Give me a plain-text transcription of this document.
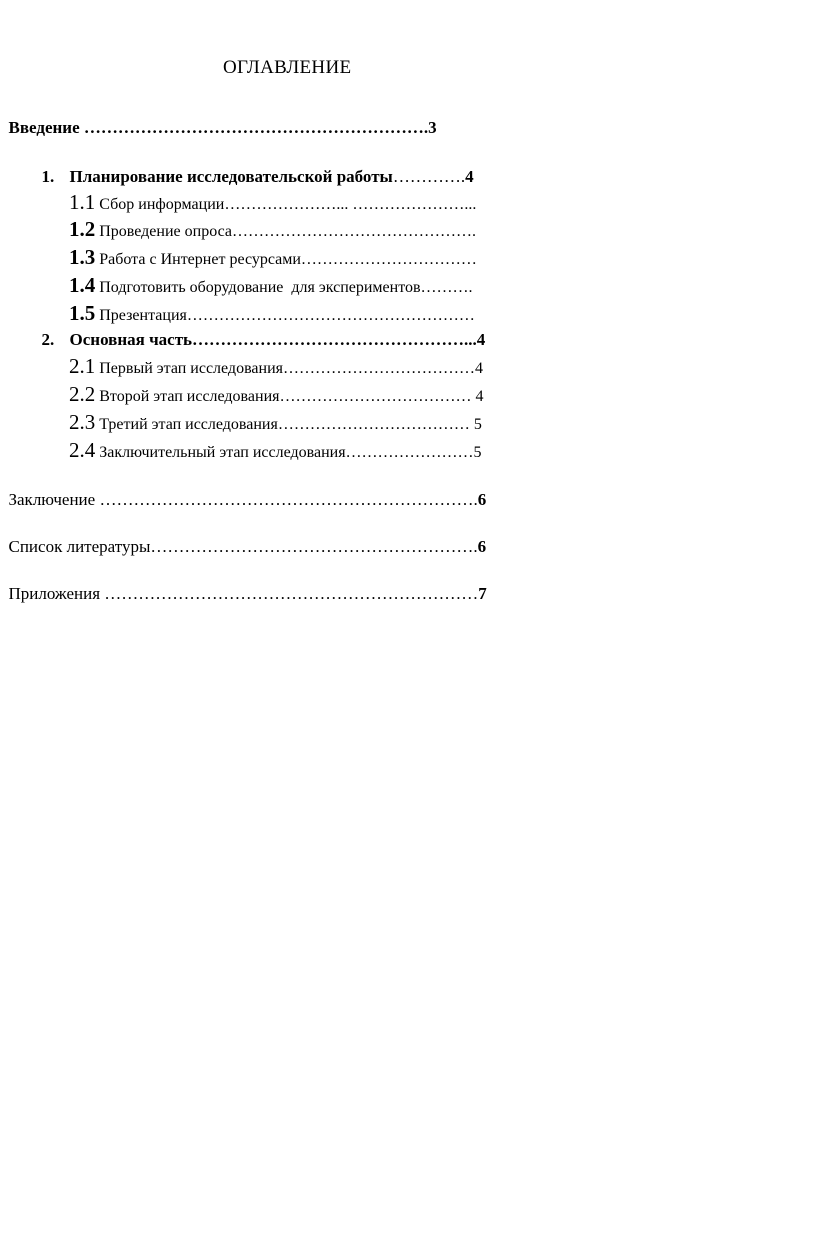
ОГЛАВЛЕНИЕ

Введение …………………………………………………….3

1. Планирование исследовательской работы………….4

1.1 Сбор информации…………………... …………………...

1.2 Проведение опроса……………………………………….

1.3 Работа с Интернет ресурсами……………………………

1.4 Подготовить оборудование  для экспериментов……….

1.5 Презентация………………………………………………

2. Основная часть…………………………………………...4

2.1 Первый этап исследования………………………………4

2.2 Второй этап исследования……………………………… 4

2.3 Третий этап исследования……………………………… 5

2.4 Заключительный этап исследования……………………5

Заключение ………………………………………………………….6

Список литературы………………………………………………….6

Приложения …………………………………………………………7
